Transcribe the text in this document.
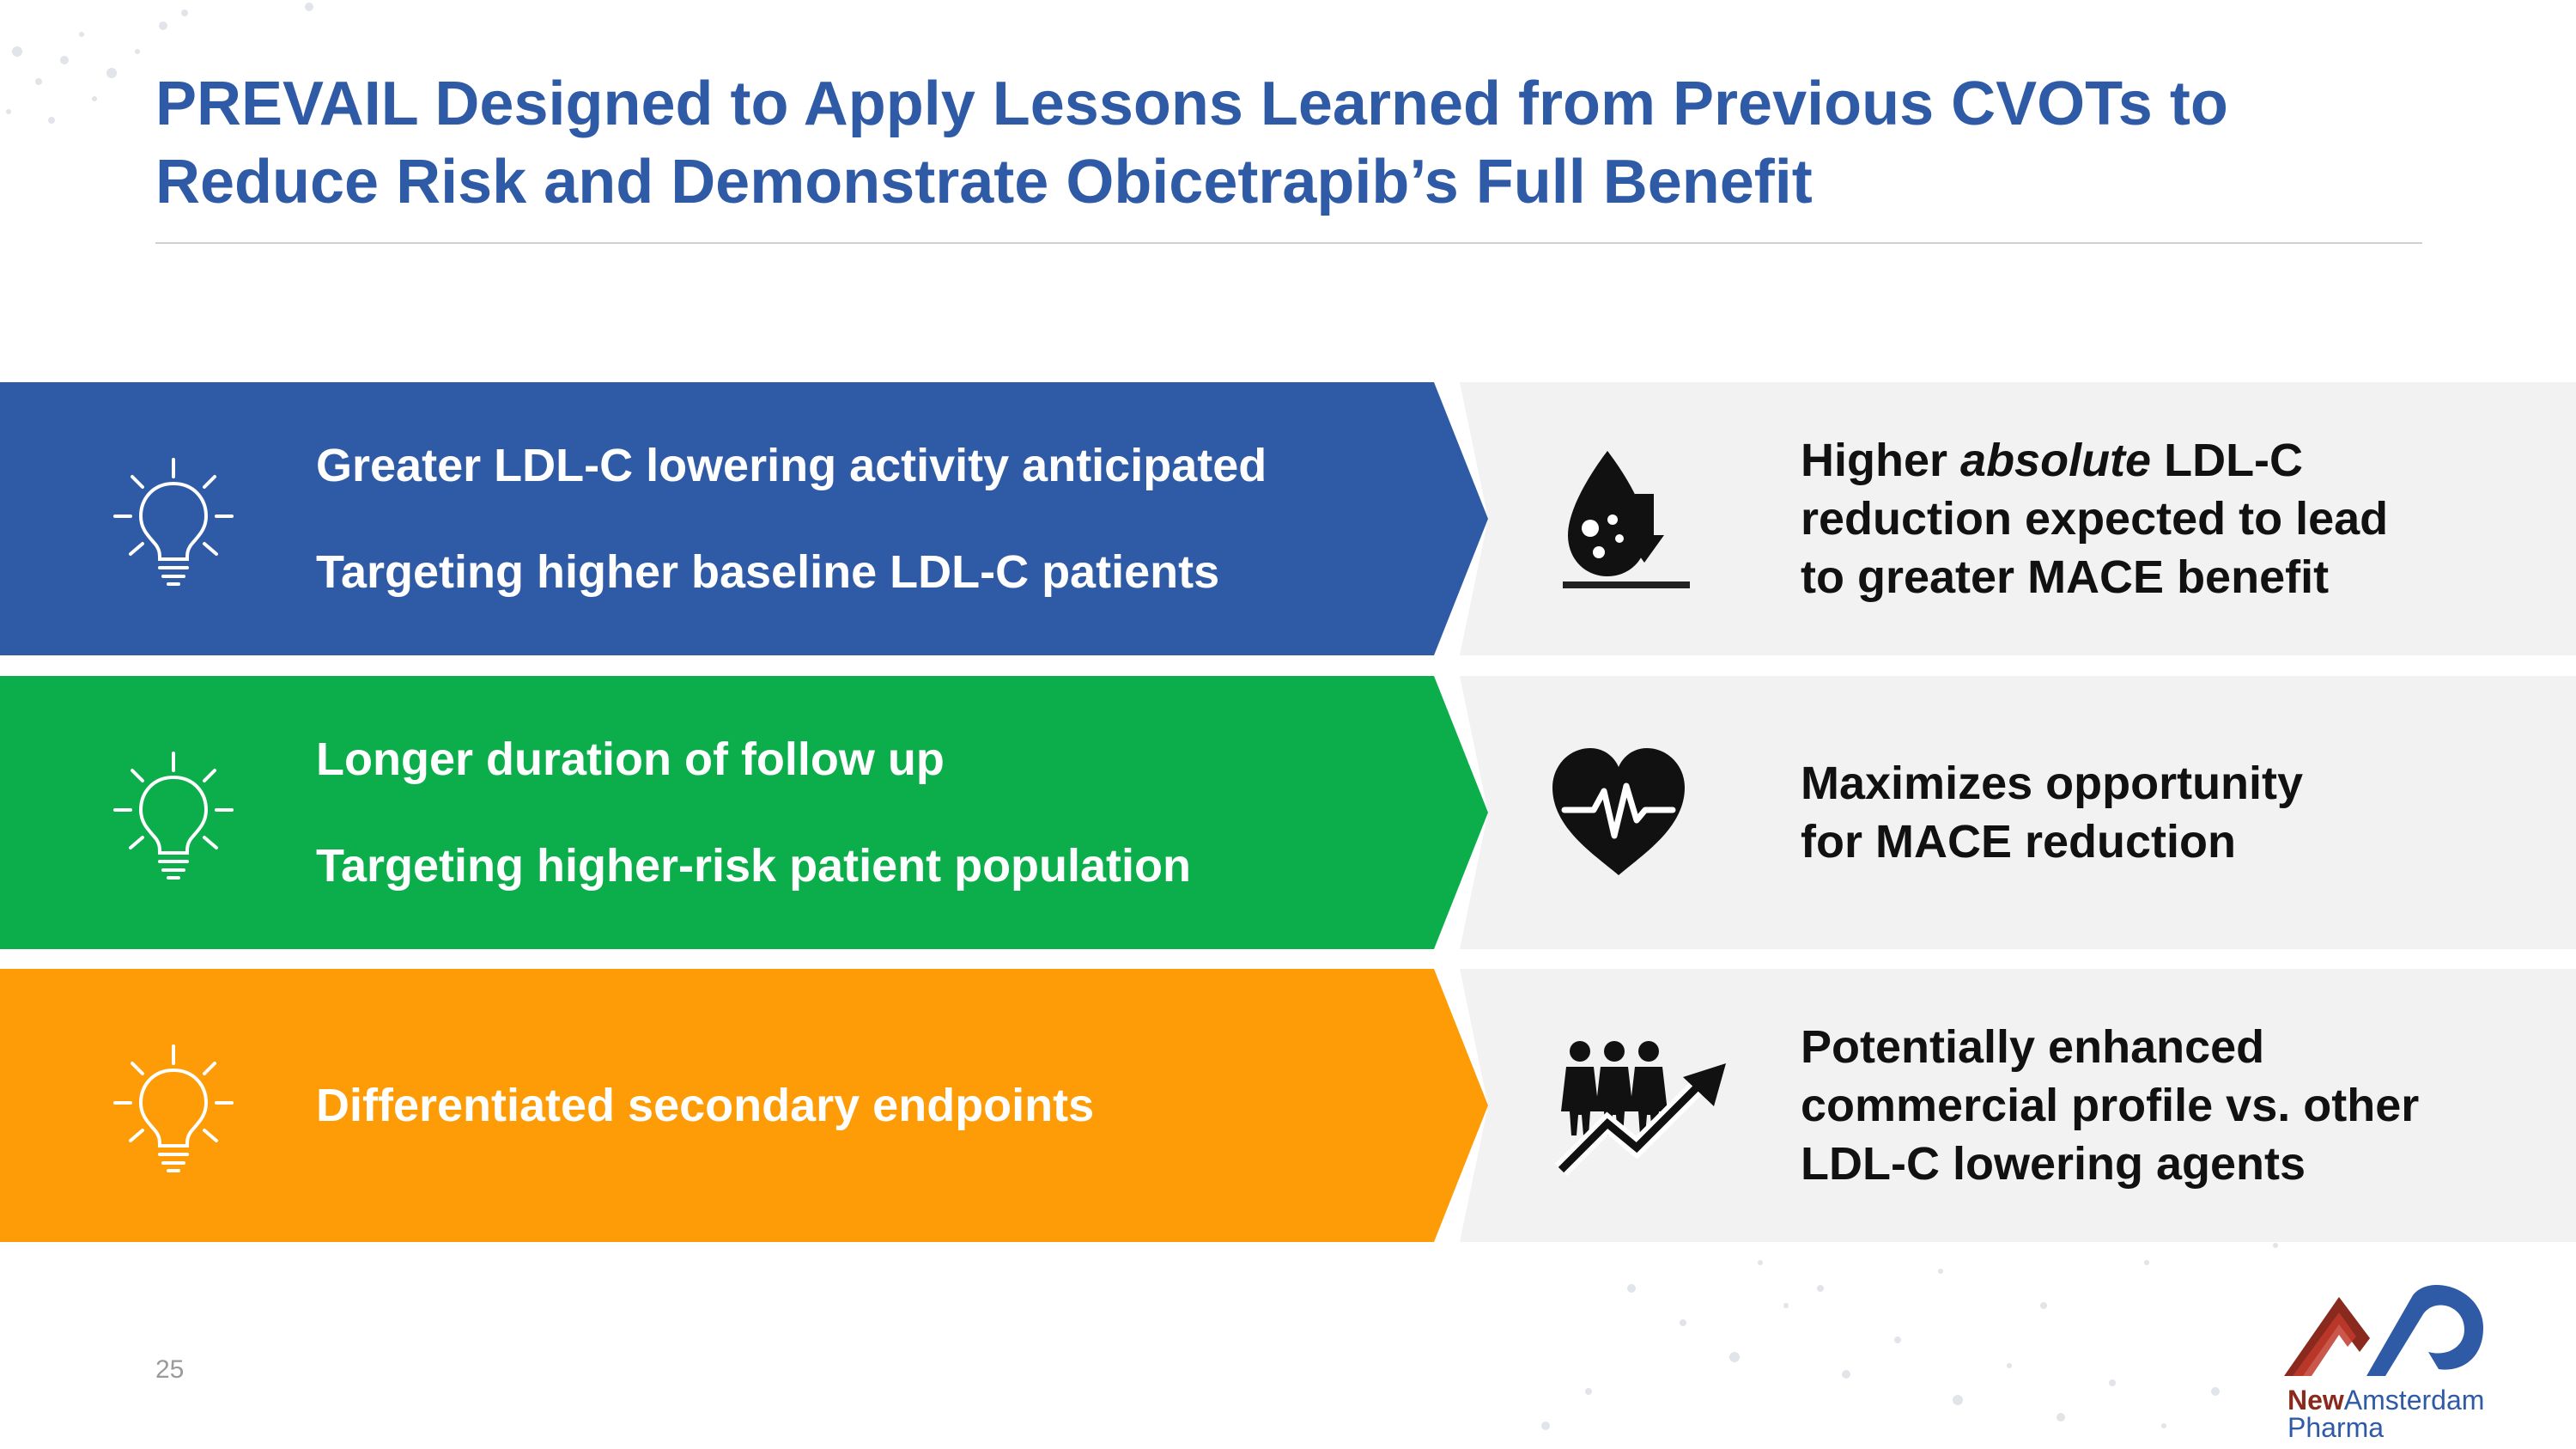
PREVAIL Designed to Apply Lessons Learned from Previous CVOTs to
Reduce Risk and Demonstrate Obicetrapib’s Full Benefit
Greater LDL-C lowering activity anticipated
Targeting higher baseline LDL-C patients
Higher absolute LDL-C
reduction expected to lead
to greater MACE benefit
Longer duration of follow up
Targeting higher-risk patient population
Maximizes opportunity
for MACE reduction
Differentiated secondary endpoints
Potentially enhanced
commercial profile vs. other
LDL-C lowering agents
25
NewAmsterdam
Pharma
